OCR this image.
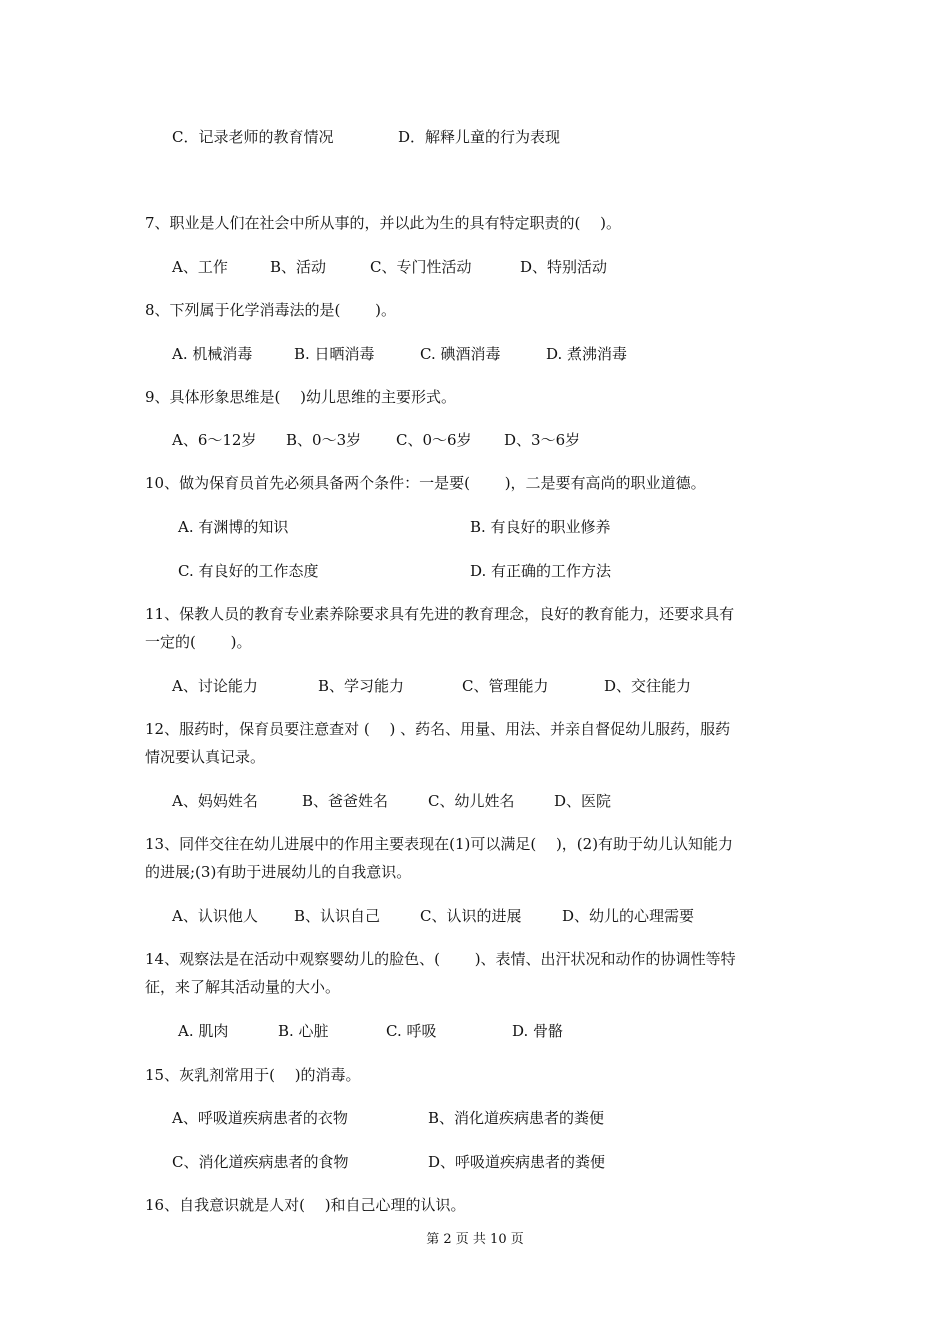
C．记录老师的教育情况	D．解释儿童的行为表现
7、职业是人们在社会中所从事的，并以此为生的具有特定职责的(　 )。
A、工作	B、活动	C、专门性活动	D、特别活动
8、下列属于化学消毒法的是(　　 )。
A. 机械消毒	B. 日晒消毒	C. 碘酒消毒	D. 煮沸消毒
9、具体形象思维是(　 )幼儿思维的主要形式。
A、6～12岁 B、0～3岁 C、0～6岁 D、3～6岁
10、做为保育员首先必须具备两个条件：一是要(　　 )，二是要有高尚的职业道德。
A. 有渊博的知识	B. 有良好的职业修养
C. 有良好的工作态度	D. 有正确的工作方法
11、保教人员的教育专业素养除要求具有先进的教育理念，良好的教育能力，还要求具有
一定的(　　 )。
A、讨论能力	B、学习能力	C、管理能力	D、交往能力
12、服药时，保育员要注意查对 (　 ) 、药名、用量、用法、并亲自督促幼儿服药，服药
情况要认真记录。
A、妈妈姓名	B、爸爸姓名	C、幼儿姓名	D、医院
13、同伴交往在幼儿进展中的作用主要表现在(1)可以满足(　 )，(2)有助于幼儿认知能力
的进展;(3)有助于进展幼儿的自我意识。
A、认识他人 B、认识自己	C、认识的进展	D、幼儿的心理需要
14、观察法是在活动中观察婴幼儿的脸色、(　　 )、表情、出汗状况和动作的协调性等特
征，来了解其活动量的大小。
A. 肌肉	B. 心脏	C. 呼吸	D. 骨骼
15、灰乳剂常用于(　 )的消毒。
A、呼吸道疾病患者的衣物	B、消化道疾病患者的粪便
C、消化道疾病患者的食物	D、呼吸道疾病患者的粪便
16、自我意识就是人对(　 )和自己心理的认识。
第 2 页 共 10 页
